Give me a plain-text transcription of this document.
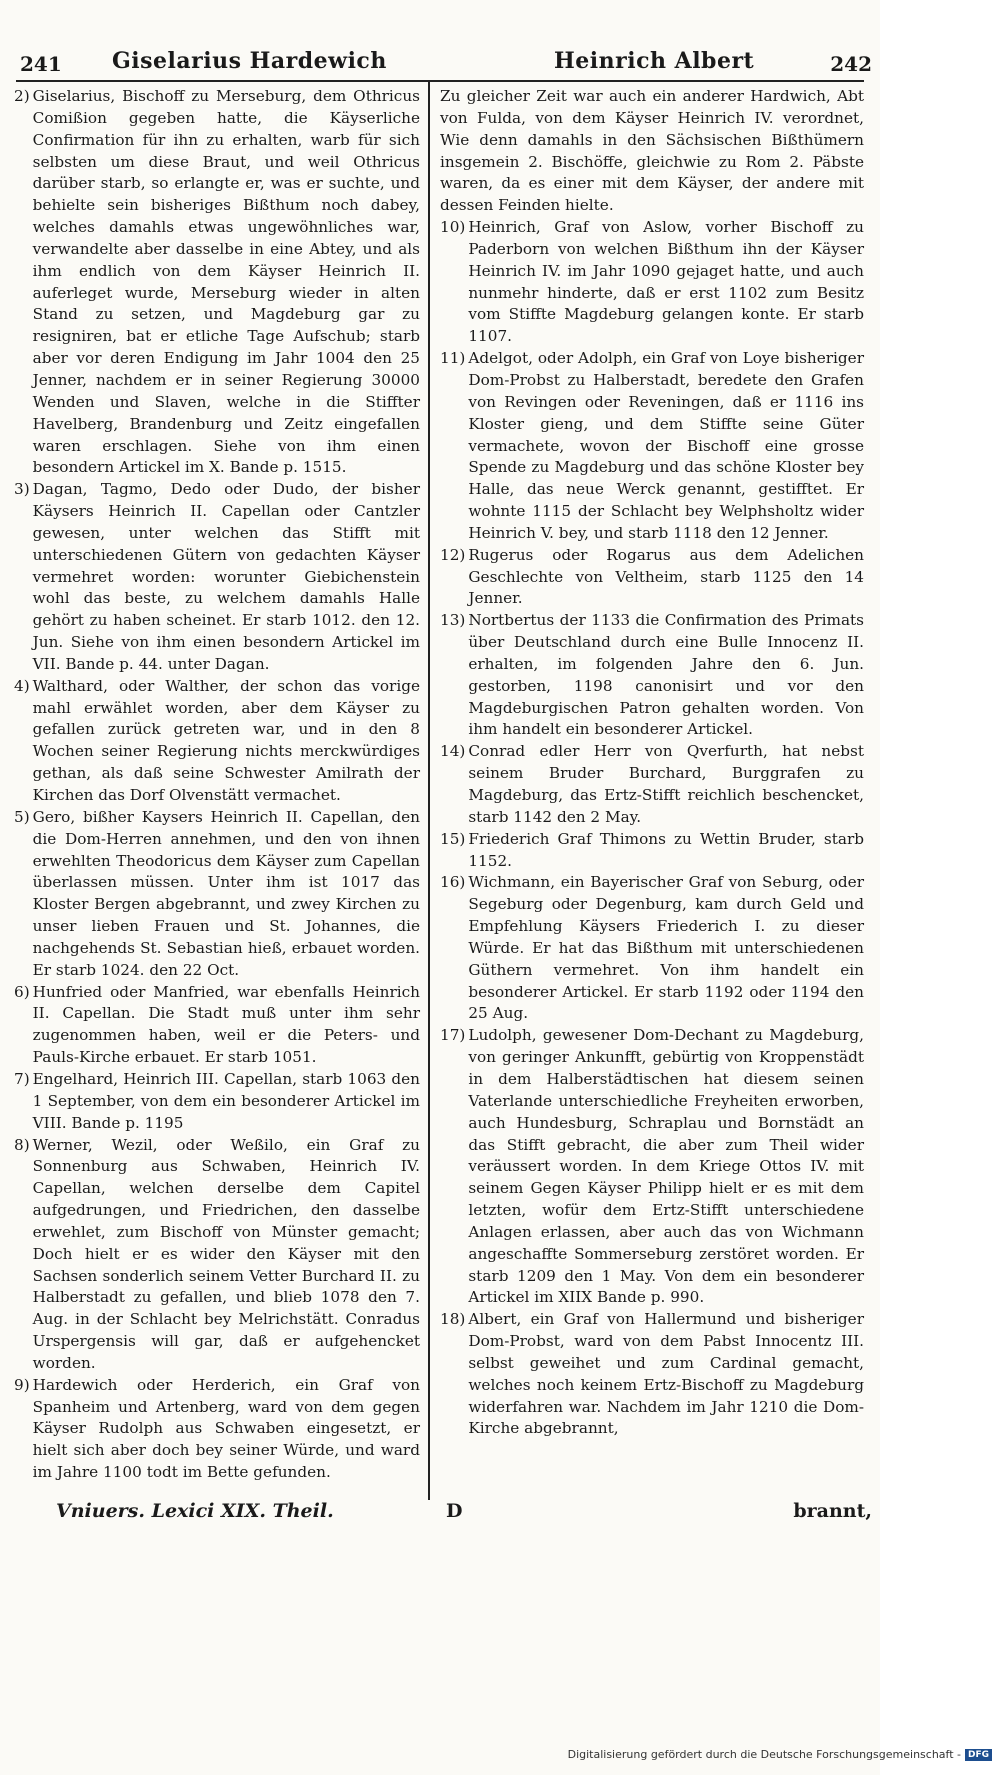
241 Giselarius Hardewich	Heinrich Albert	242
2) Giselarius, Bischoff zu Merseburg, dem Othricus Comißion gegeben hatte, die Käyserliche Confirmation für ihn zu erhalten, warb für sich selbsten um diese Braut, und weil Othricus darüber starb, so erlangte er, was er suchte, und behielte sein bisheriges Bißthum noch dabey, welches damahls etwas ungewöhnliches war, verwandelte aber dasselbe in eine Abtey, und als ihm endlich von dem Käyser Heinrich II. auferleget wurde, Merseburg wieder in alten Stand zu setzen, und Magdeburg gar zu resigniren, bat er etliche Tage Aufschub; starb aber vor deren Endigung im Jahr 1004 den 25 Jenner, nachdem er in seiner Regierung 30000 Wenden und Slaven, welche in die Stiffter Havelberg, Brandenburg und Zeitz eingefallen waren erschlagen. Siehe von ihm einen besondern Artickel im X. Bande p. 1515.
3) Dagan, Tagmo, Dedo oder Dudo, der bisher Käysers Heinrich II. Capellan oder Cantzler gewesen, unter welchen das Stifft mit unterschiedenen Gütern von gedachten Käyser vermehret worden: worunter Giebichenstein wohl das beste, zu welchem damahls Halle gehört zu haben scheinet. Er starb 1012. den 12. Jun. Siehe von ihm einen besondern Artickel im VII. Bande p. 44. unter Dagan.
4) Walthard, oder Walther, der schon das vorige mahl erwählet worden, aber dem Käyser zu gefallen zurück getreten war, und in den 8 Wochen seiner Regierung nichts merckwürdiges gethan, als daß seine Schwester Amilrath der Kirchen das Dorf Olvenstätt vermachet.
5) Gero, bißher Kaysers Heinrich II. Capellan, den die Dom-Herren annehmen, und den von ihnen erwehlten Theodoricus dem Käyser zum Capellan überlassen müssen. Unter ihm ist 1017 das Kloster Bergen abgebrannt, und zwey Kirchen zu unser lieben Frauen und St. Johannes, die nachgehends St. Sebastian hieß, erbauet worden. Er starb 1024. den 22 Oct.
6) Hunfried oder Manfried, war ebenfalls Heinrich II. Capellan. Die Stadt muß unter ihm sehr zugenommen haben, weil er die Peters- und Pauls-Kirche erbauet. Er starb 1051.
7) Engelhard, Heinrich III. Capellan, starb 1063 den 1 September, von dem ein besonderer Artickel im VIII. Bande p. 1195
8) Werner, Wezil, oder Weßilo, ein Graf zu Sonnenburg aus Schwaben, Heinrich IV. Capellan, welchen derselbe dem Capitel aufgedrungen, und Friedrichen, den dasselbe erwehlet, zum Bischoff von Münster gemacht; Doch hielt er es wider den Käyser mit den Sachsen sonderlich seinem Vetter Burchard II. zu Halberstadt zu gefallen, und blieb 1078 den 7. Aug. in der Schlacht bey Melrichstätt. Conradus Urspergensis will gar, daß er aufgehencket worden.
9) Hardewich oder Herderich, ein Graf von Spanheim und Artenberg, ward von dem gegen Käyser Rudolph aus Schwaben eingesetzt, er hielt sich aber doch bey seiner Würde, und ward im Jahre 1100 todt im Bette gefunden.
Zu gleicher Zeit war auch ein anderer Hardwich, Abt von Fulda, von dem Käyser Heinrich IV. verordnet, Wie denn damahls in den Sächsischen Bißthümern insgemein 2. Bischöffe, gleichwie zu Rom 2. Päbste waren, da es einer mit dem Käyser, der andere mit dessen Feinden hielte.
10) Heinrich, Graf von Aslow, vorher Bischoff zu Paderborn von welchen Bißthum ihn der Käyser Heinrich IV. im Jahr 1090 gejaget hatte, und auch nunmehr hinderte, daß er erst 1102 zum Besitz vom Stiffte Magdeburg gelangen konte. Er starb 1107.
11) Adelgot, oder Adolph, ein Graf von Loye bisheriger Dom-Probst zu Halberstadt, beredete den Grafen von Revingen oder Reveningen, daß er 1116 ins Kloster gieng, und dem Stiffte seine Güter vermachete, wovon der Bischoff eine grosse Spende zu Magdeburg und das schöne Kloster bey Halle, das neue Werck genannt, gestifftet. Er wohnte 1115 der Schlacht bey Welphsholtz wider Heinrich V. bey, und starb 1118 den 12 Jenner.
12) Rugerus oder Rogarus aus dem Adelichen Geschlechte von Veltheim, starb 1125 den 14 Jenner.
13) Nortbertus der 1133 die Confirmation des Primats über Deutschland durch eine Bulle Innocenz II. erhalten, im folgenden Jahre den 6. Jun. gestorben, 1198 canonisirt und vor den Magdeburgischen Patron gehalten worden. Von ihm handelt ein besonderer Artickel.
14) Conrad edler Herr von Qverfurth, hat nebst seinem Bruder Burchard, Burggrafen zu Magdeburg, das Ertz-Stifft reichlich beschencket, starb 1142 den 2 May.
15) Friederich Graf Thimons zu Wettin Bruder, starb 1152.
16) Wichmann, ein Bayerischer Graf von Seburg, oder Segeburg oder Degenburg, kam durch Geld und Empfehlung Käysers Friederich I. zu dieser Würde. Er hat das Bißthum mit unterschiedenen Güthern vermehret. Von ihm handelt ein besonderer Artickel. Er starb 1192 oder 1194 den 25 Aug.
17) Ludolph, gewesener Dom-Dechant zu Magdeburg, von geringer Ankunfft, gebürtig von Kroppenstädt in dem Halberstädtischen hat diesem seinen Vaterlande unterschiedliche Freyheiten erworben, auch Hundesburg, Schraplau und Bornstädt an das Stifft gebracht, die aber zum Theil wider veräussert worden. In dem Kriege Ottos IV. mit seinem Gegen Käyser Philipp hielt er es mit dem letzten, wofür dem Ertz-Stifft unterschiedene Anlagen erlassen, aber auch das von Wichmann angeschaffte Sommerseburg zerstöret worden. Er starb 1209 den 1 May. Von dem ein besonderer Artickel im XIIX Bande p. 990.
18) Albert, ein Graf von Hallermund und bisheriger Dom-Probst, ward von dem Pabst Innocentz III. selbst geweihet und zum Cardinal gemacht, welches noch keinem Ertz-Bischoff zu Magdeburg widerfahren war. Nachdem im Jahr 1210 die Dom-Kirche abgebrannt,
Vniuers. Lexici XIX. Theil.	D	brannt,
Digitalisierung gefördert durch die Deutsche Forschungsgemeinschaft - DFG
